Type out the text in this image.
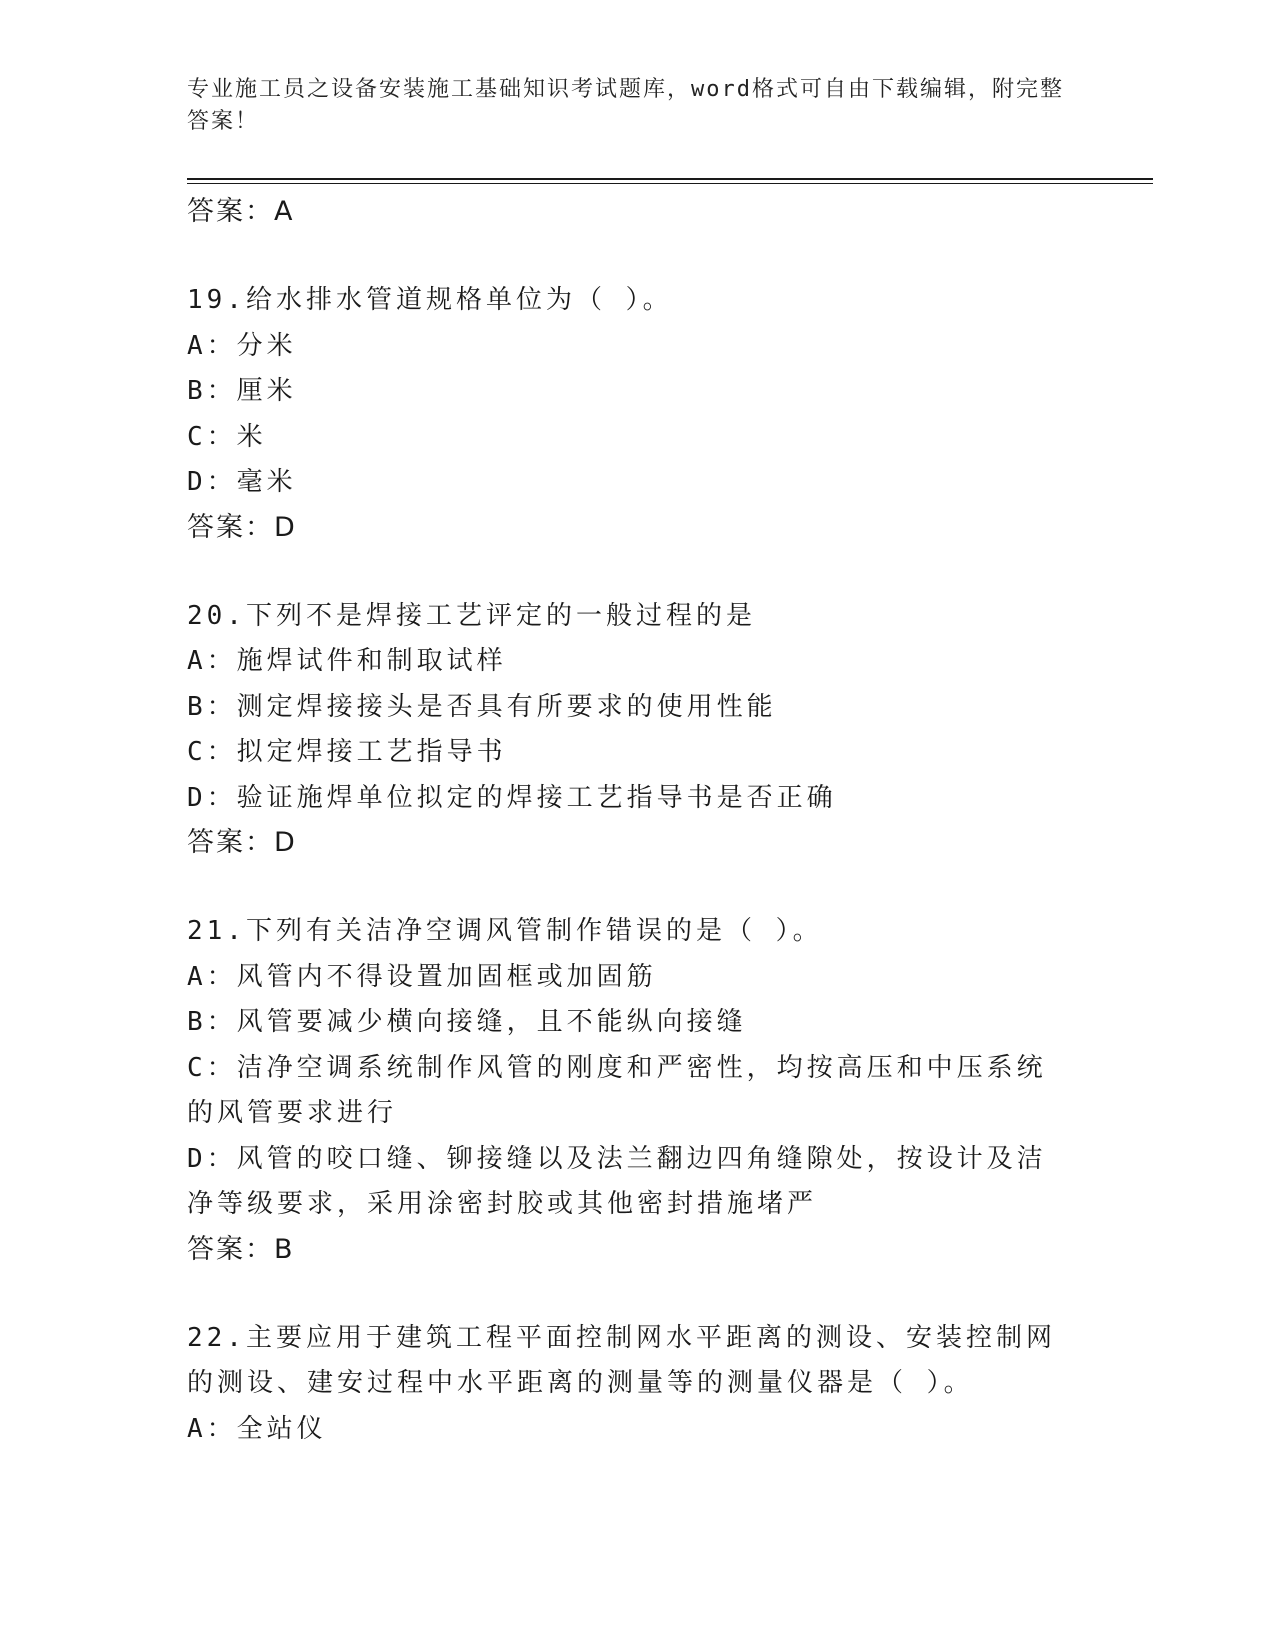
专业施工员之设备安装施工基础知识考试题库，word格式可自由下载编辑，附完整答案！

答案：A

19.给水排水管道规格单位为（ ）。

A：分米

B：厘米

C：米

D：毫米

答案：D

20.下列不是焊接工艺评定的一般过程的是

A：施焊试件和制取试样

B：测定焊接接头是否具有所要求的使用性能

C：拟定焊接工艺指导书

D：验证施焊单位拟定的焊接工艺指导书是否正确

答案：D

21.下列有关洁净空调风管制作错误的是（ ）。

A：风管内不得设置加固框或加固筋

B：风管要减少横向接缝，且不能纵向接缝

C：洁净空调系统制作风管的刚度和严密性，均按高压和中压系统的风管要求进行

D：风管的咬口缝、铆接缝以及法兰翻边四角缝隙处，按设计及洁净等级要求，采用涂密封胶或其他密封措施堵严

答案：B

22.主要应用于建筑工程平面控制网水平距离的测设、安装控制网的测设、建安过程中水平距离的测量等的测量仪器是（ ）。

A：全站仪
